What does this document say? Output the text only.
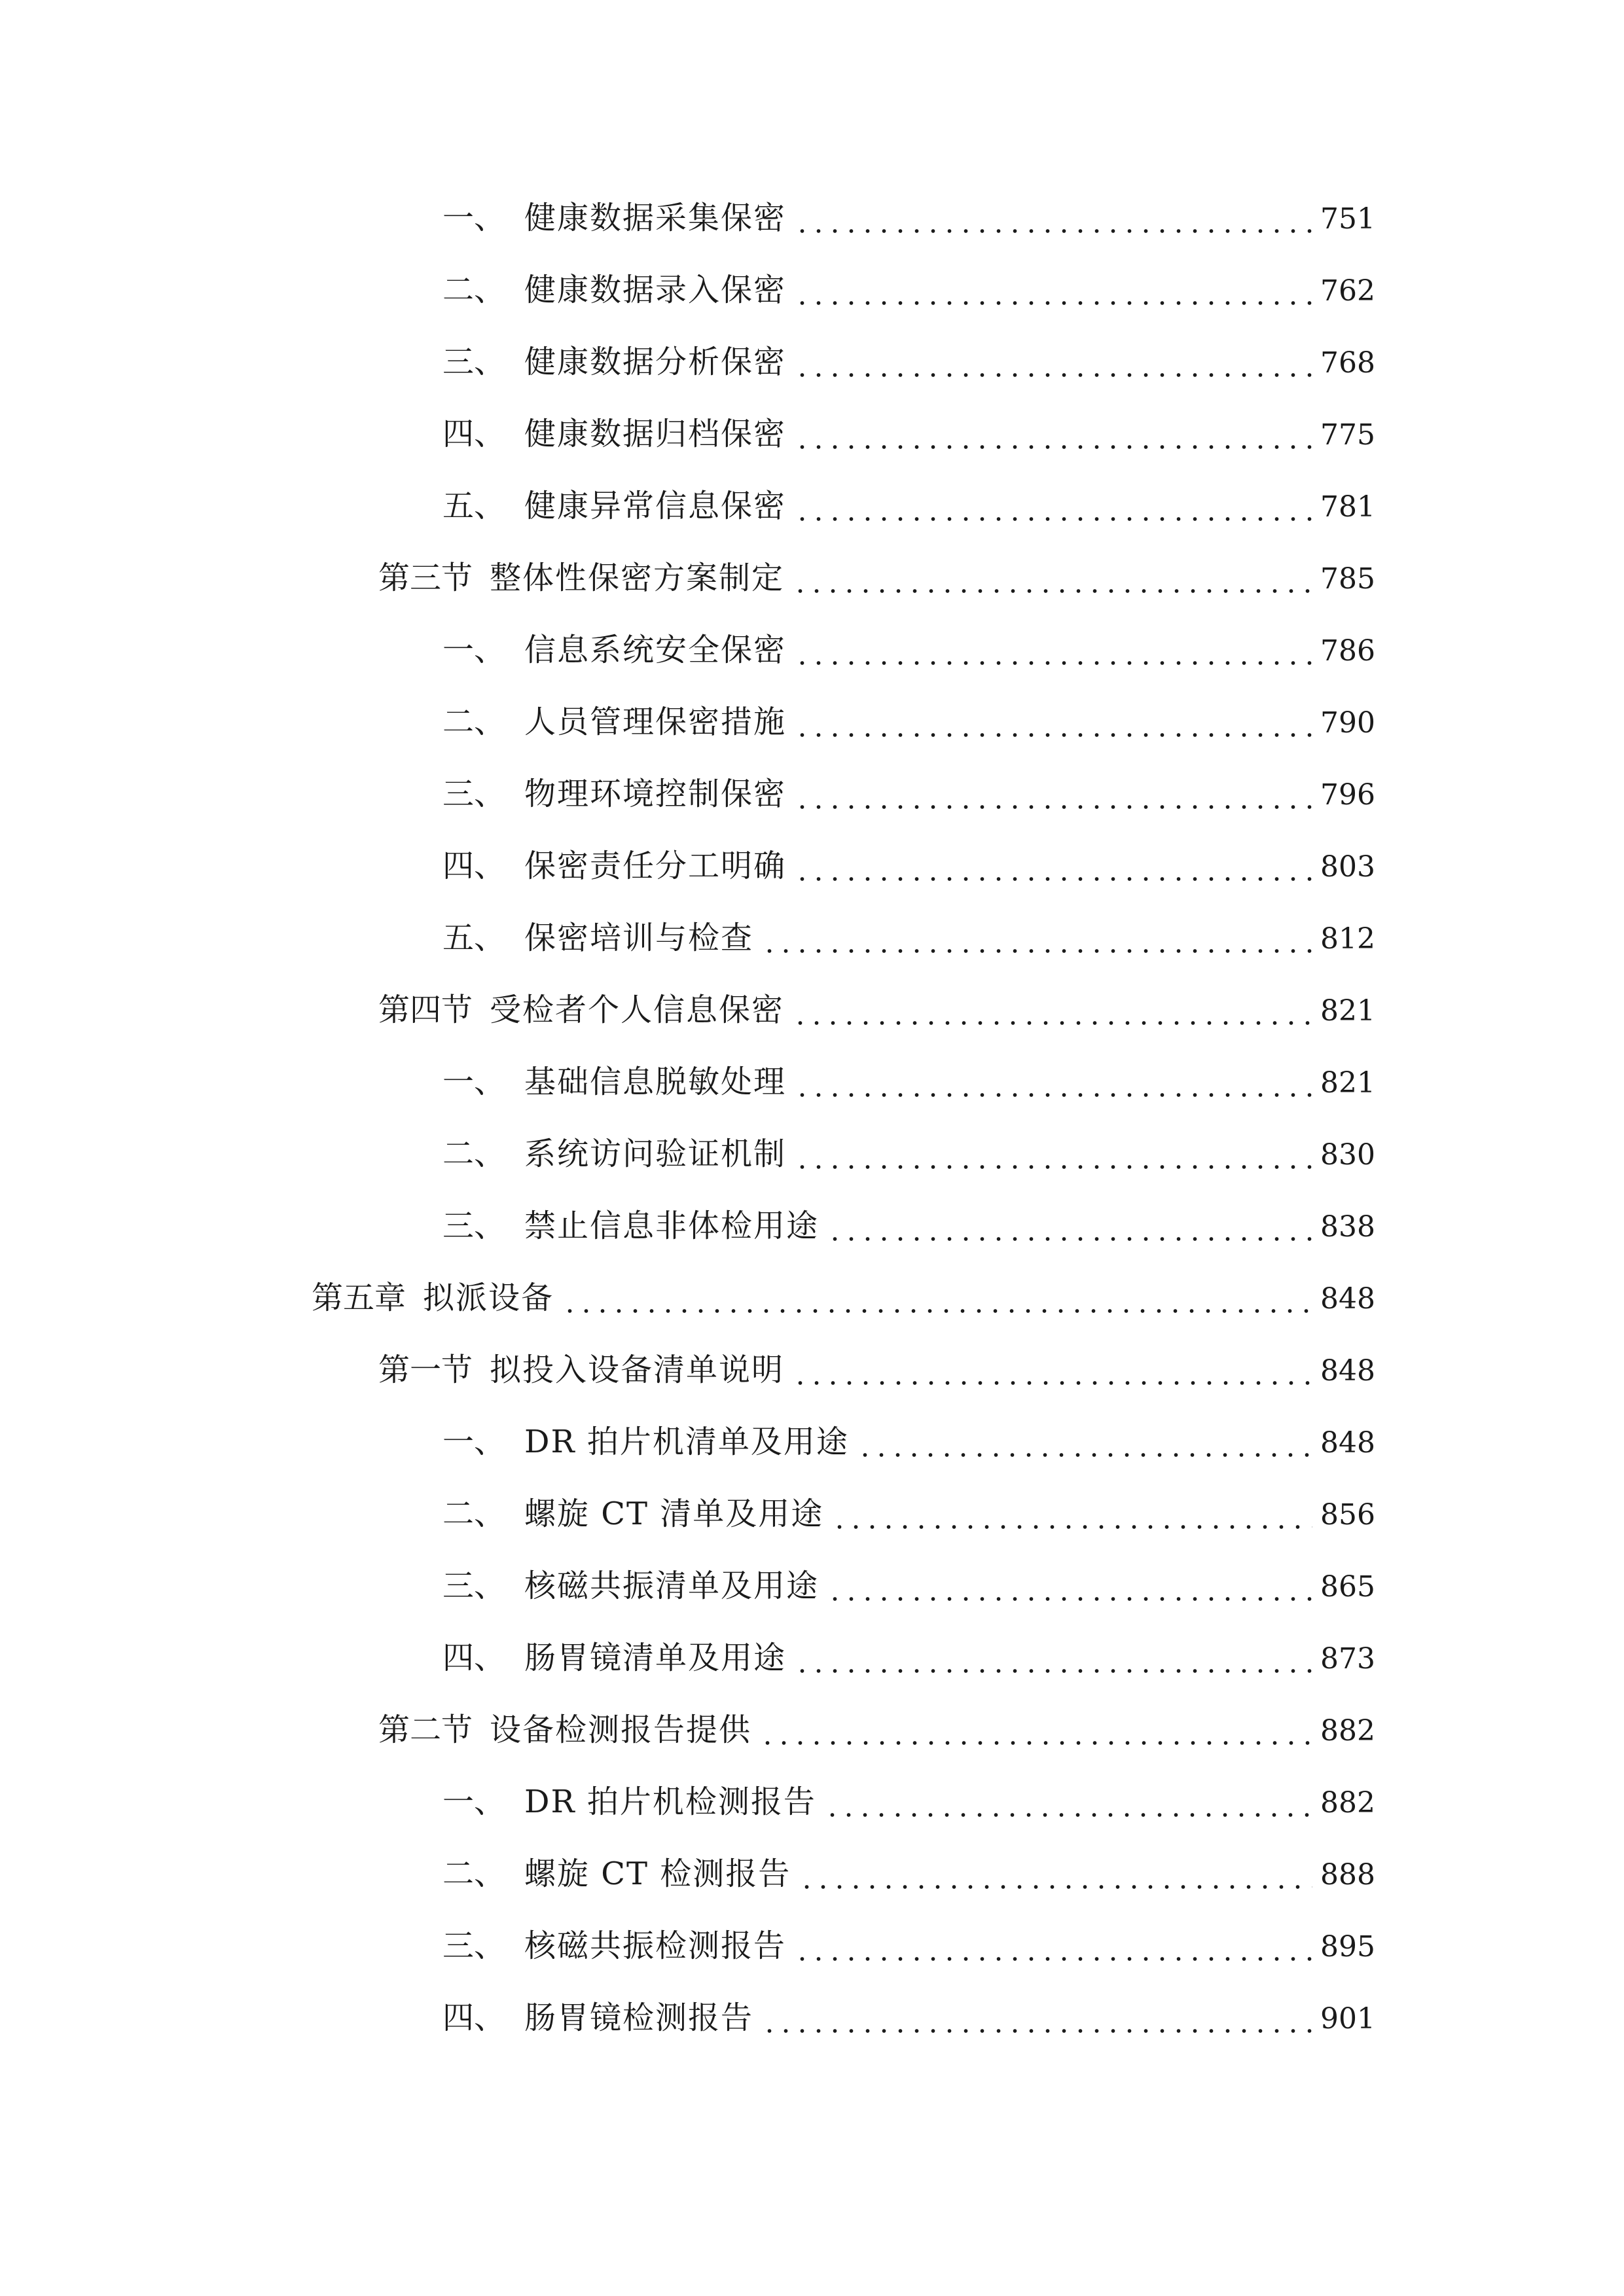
一、 健康数据采集保密	751
二、 健康数据录入保密	762
三、 健康数据分析保密	768
四、 健康数据归档保密	775
五、 健康异常信息保密	781
第三节 整体性保密方案制定	785
一、 信息系统安全保密	786
二、 人员管理保密措施	790
三、 物理环境控制保密	796
四、 保密责任分工明确	803
五、 保密培训与检查	812
第四节 受检者个人信息保密	821
一、 基础信息脱敏处理	821
二、 系统访问验证机制	830
三、 禁止信息非体检用途	838
第五章 拟派设备	848
第一节 拟投入设备清单说明	848
一、 DR 拍片机清单及用途	848
二、 螺旋 CT 清单及用途	856
三、 核磁共振清单及用途	865
四、 肠胃镜清单及用途	873
第二节 设备检测报告提供	882
一、 DR 拍片机检测报告	882
二、 螺旋 CT 检测报告	888
三、 核磁共振检测报告	895
四、 肠胃镜检测报告	901
